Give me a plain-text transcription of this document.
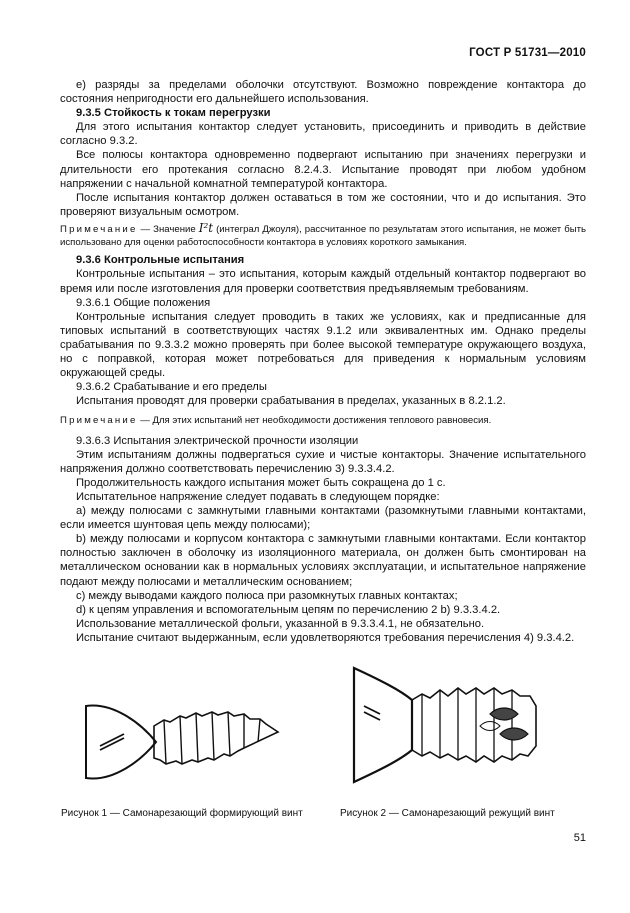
ГОСТ Р 51731—2010

е) разряды за пределами оболочки отсутствуют. Возможно повреждение контактора до состояния непригодности его дальнейшего использования.

9.3.5 Стойкость к токам перегрузки

Для этого испытания контактор следует установить, присоединить и приводить в действие согласно 9.3.2.

Все полюсы контактора одновременно подвергают испытанию при значениях перегрузки и длительности его протекания согласно 8.2.4.3. Испытание проводят при любом удобном напряжении с начальной комнатной температурой контактора.

После испытания контактор должен оставаться в том же состоянии, что и до испытания. Это проверяют визуальным осмотром.

Примечание — Значение I²t (интеграл Джоуля), рассчитанное по результатам этого испытания, не может быть использовано для оценки работоспособности контактора в условиях короткого замыкания.

9.3.6 Контрольные испытания

Контрольные испытания – это испытания, которым каждый отдельный контактор подвергают во время или после изготовления для проверки соответствия предъявляемым требованиям.

9.3.6.1 Общие положения

Контрольные испытания следует проводить в таких же условиях, как и предписанные для типовых испытаний в соответствующих частях 9.1.2 или эквивалентных им. Однако пределы срабатывания по 9.3.3.2 можно проверять при более высокой температуре окружающего воздуха, но с поправкой, которая может потребоваться для приведения к нормальным условиям окружающей среды.

9.3.6.2 Срабатывание и его пределы

Испытания проводят для проверки срабатывания в пределах, указанных в 8.2.1.2.

Примечание — Для этих испытаний нет необходимости достижения теплового равновесия.

9.3.6.3 Испытания электрической прочности изоляции

Этим испытаниям должны подвергаться сухие и чистые контакторы. Значение испытательного напряжения должно соответствовать перечислению 3) 9.3.3.4.2.

Продолжительность каждого испытания может быть сокращена до 1 с.

Испытательное напряжение следует подавать в следующем порядке:

а) между полюсами с замкнутыми главными контактами (разомкнутыми главными контактами, если имеется шунтовая цепь между полюсами);

b) между полюсами и корпусом контактора с замкнутыми главными контактами. Если контактор полностью заключен в оболочку из изоляционного материала, он должен быть смонтирован на металлическом основании как в нормальных условиях эксплуатации, и испытательное напряжение подают между полюсами и металлическим основанием;

с) между выводами каждого полюса при разомкнутых главных контактах;

d) к цепям управления и вспомогательным цепям по перечислению 2 b) 9.3.3.4.2.

Использование металлической фольги, указанной в 9.3.3.4.1, не обязательно.

Испытание считают выдержанным, если удовлетворяются требования перечисления 4) 9.3.4.2.

Рисунок 1 — Самонарезающий формирующий винт	Рисунок 2 — Самонарезающий режущий винт
51
